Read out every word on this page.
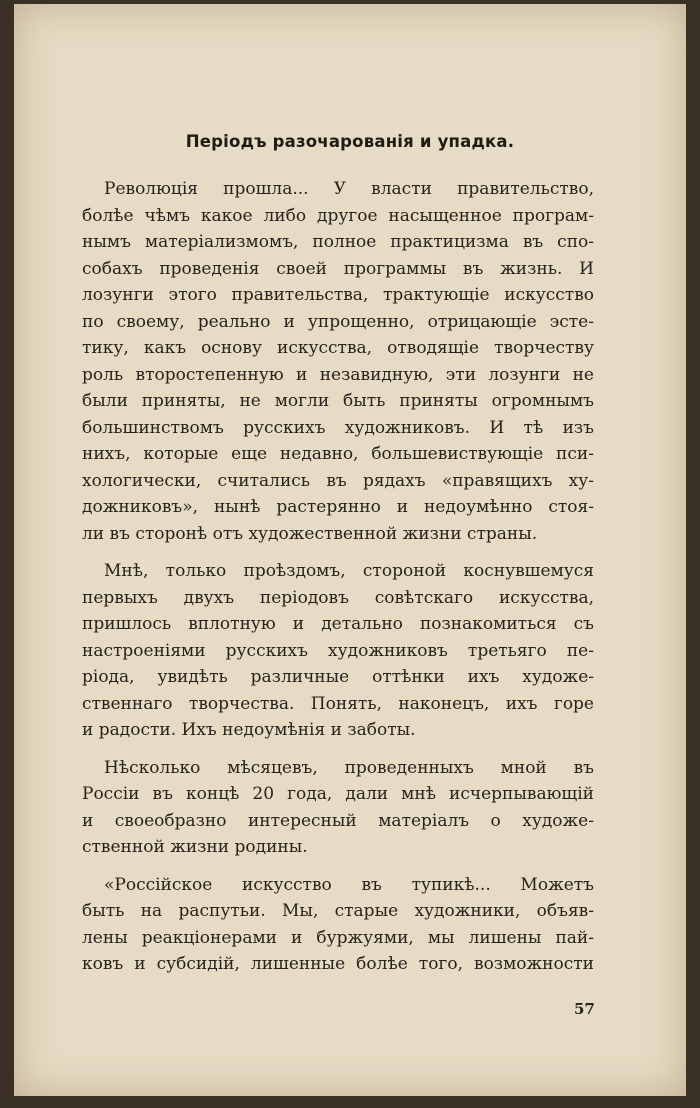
Періодъ разочарованія и упадка.
Революція прошла... У власти правительство,
болѣе чѣмъ какое либо другое насыщенное програм-
нымъ матеріализмомъ, полное практицизма въ спо-
собахъ проведенія своей программы въ жизнь. И
лозунги этого правительства, трактующіе искусство
по своему, реально и упрощенно, отрицающіе эсте-
тику, какъ основу искусства, отводящіе творчеству
роль второстепенную и незавидную, эти лозунги не
были приняты, не могли быть приняты огромнымъ
большинствомъ русскихъ художниковъ. И тѣ изъ
нихъ, которые еще недавно, большевиствующіе пси-
хологически, считались въ рядахъ «правящихъ ху-
дожниковъ», нынѣ растерянно и недоумѣнно стоя-
ли въ сторонѣ отъ художественной жизни страны.
Мнѣ, только проѣздомъ, стороной коснувшемуся
первыхъ двухъ періодовъ совѣтскаго искусства,
пришлось вплотную и детально познакомиться съ
настроеніями русскихъ художниковъ третьяго пе-
ріода, увидѣть различные оттѣнки ихъ художе-
ственнаго творчества. Понять, наконецъ, ихъ горе
и радости. Ихъ недоумѣнія и заботы.
Нѣсколько мѣсяцевъ, проведенныхъ мной въ
Россіи въ концѣ 20 года, дали мнѣ исчерпывающій
и своеобразно интересный матеріалъ о художе-
ственной жизни родины.
«Россійское искусство въ тупикѣ... Можетъ
быть на распутьи. Мы, старые художники, объяв-
лены реакціонерами и буржуями, мы лишены пай-
ковъ и субсидій, лишенные болѣе того, возможности
57
